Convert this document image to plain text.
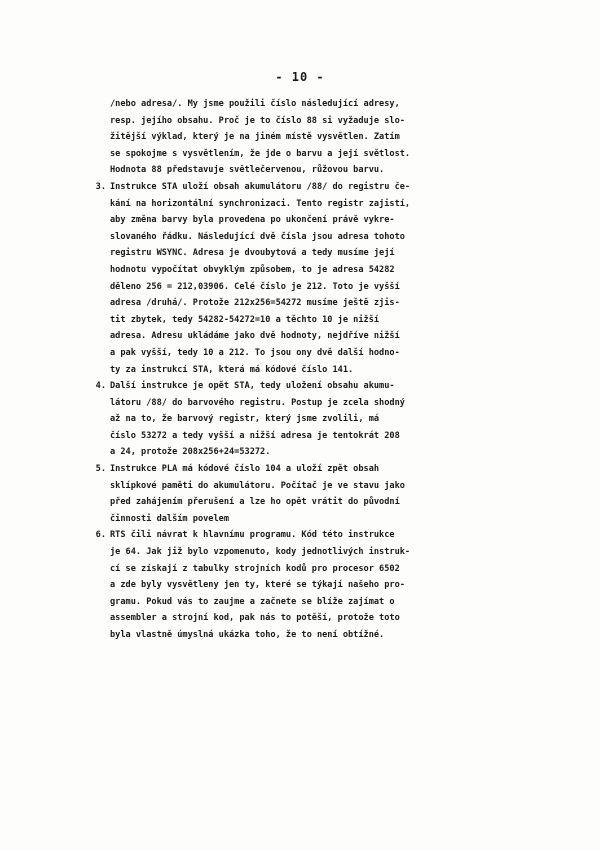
- 10 -
/nebo adresa/. My jsme použili číslo následující adresy,
resp. jejího obsahu. Proč je to číslo 88 si vyžaduje slo-
žitější výklad, který je na jiném místě vysvětlen. Zatím
se spokojme s vysvětlením, že jde o barvu a její světlost.
Hodnota 88 představuje světlečervenou, růžovou barvu.
3. Instrukce STA uloží obsah akumulátoru /88/ do registru če-
kání na horizontální synchronizaci. Tento registr zajistí,
aby změna barvy byla provedena po ukončení právě vykre-
slovaného řádku. Následující dvě čísla jsou adresa tohoto
registru WSYNC. Adresa je dvoubytová a tedy musíme její
hodnotu vypočítat obvyklým způsobem, to je adresa 54282
děleno 256 = 212,03906. Celé číslo je 212. Toto je vyšší
adresa /druhá/. Protože 212x256=54272 musíme ještě zjis-
tit zbytek, tedy 54282-54272=10 a těchto 10 je nižší
adresa. Adresu ukládáme jako dvě hodnoty, nejdříve nižší
a pak vyšší, tedy 10 a 212. To jsou ony dvě další hodno-
ty za instrukcí STA, která má kódové číslo 141.
4. Další instrukce je opět STA, tedy uložení obsahu akumu-
látoru /88/ do barvového registru. Postup je zcela shodný
až na to, že barvový registr, který jsme zvolili, má
číslo 53272 a tedy vyšší a nižší adresa je tentokrát 208
a 24, protože 208x256+24=53272.
5. Instrukce PLA má kódové číslo 104 a uloží zpět obsah
sklípkové paměti do akumulátoru. Počítač je ve stavu jako
před zahájením přerušení a lze ho opět vrátit do původní
činnosti dalším povelem
6. RTS čili návrat k hlavnímu programu. Kód této instrukce
je 64. Jak již bylo vzpomenuto, kody jednotlivých instruk-
cí se získají z tabulky strojních kodů pro procesor 6502
a zde byly vysvětleny jen ty, které se týkají našeho pro-
gramu. Pokud vás to zaujme a začnete se blíže zajímat o
assembler a strojní kod, pak nás to potěší, protože toto
byla vlastně úmyslná ukázka toho, že to není obtížné.
